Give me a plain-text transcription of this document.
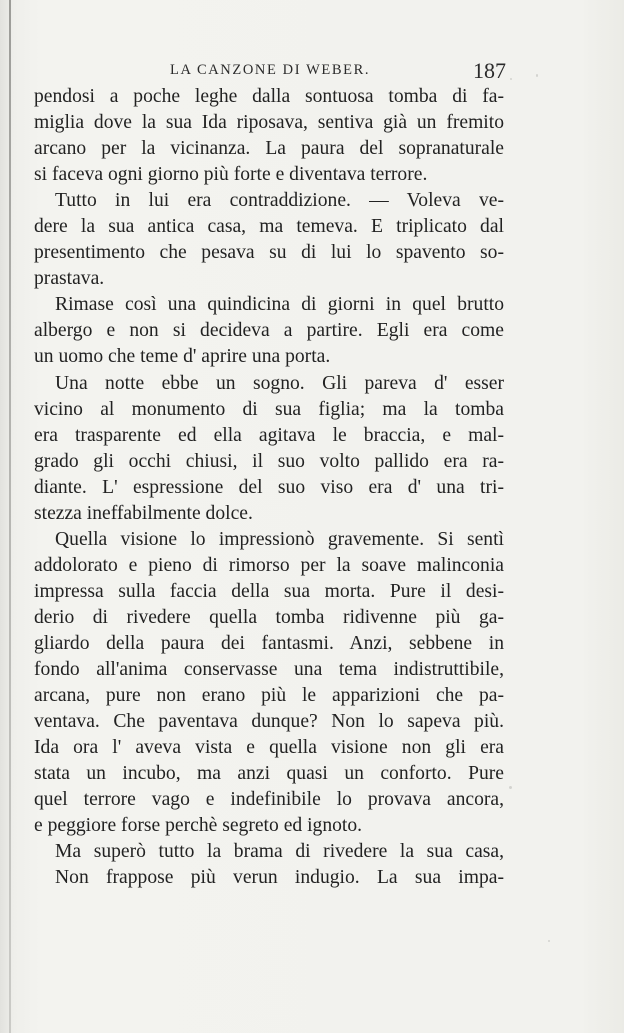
LA CANZONE DI WEBER.	187
pendosi a poche leghe dalla sontuosa tomba di fa-
miglia dove la sua Ida riposava, sentiva già un fremito
arcano per la vicinanza. La paura del sopranaturale
si faceva ogni giorno più forte e diventava terrore.
Tutto in lui era contraddizione. — Voleva ve-
dere la sua antica casa, ma temeva. E triplicato dal
presentimento che pesava su di lui lo spavento so-
prastava.
Rimase così una quindicina di giorni in quel brutto
albergo e non si decideva a partire. Egli era come
un uomo che teme d' aprire una porta.
Una notte ebbe un sogno. Gli pareva d' esser
vicino al monumento di sua figlia; ma la tomba
era trasparente ed ella agitava le braccia, e mal-
grado gli occhi chiusi, il suo volto pallido era ra-
diante. L' espressione del suo viso era d' una tri-
stezza ineffabilmente dolce.
Quella visione lo impressionò gravemente. Si sentì
addolorato e pieno di rimorso per la soave malinconia
impressa sulla faccia della sua morta. Pure il desi-
derio di rivedere quella tomba ridivenne più ga-
gliardo della paura dei fantasmi. Anzi, sebbene in
fondo all'anima conservasse una tema indistruttibile,
arcana, pure non erano più le apparizioni che pa-
ventava. Che paventava dunque? Non lo sapeva più.
Ida ora l' aveva vista e quella visione non gli era
stata un incubo, ma anzi quasi un conforto. Pure
quel terrore vago e indefinibile lo provava ancora,
e peggiore forse perchè segreto ed ignoto.
Ma superò tutto la brama di rivedere la sua casa,
Non frappose più verun indugio. La sua impa-
